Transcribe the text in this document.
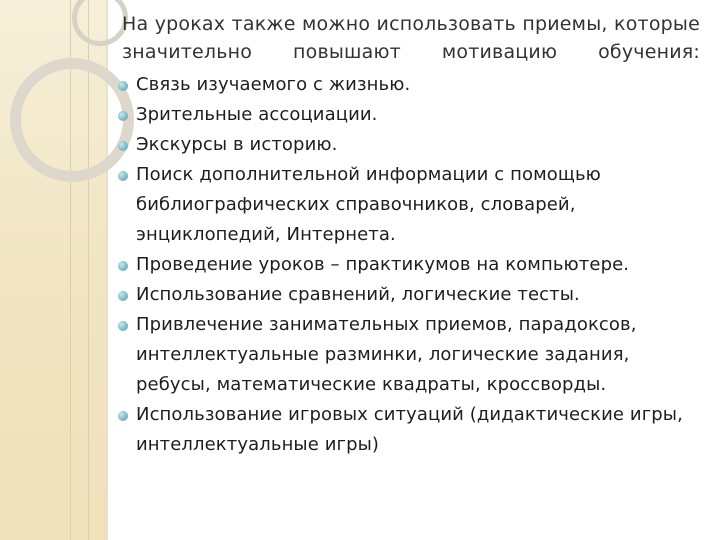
На уроках также можно использовать приемы, которые значительно повышают мотивацию обучения:

Связь изучаемого с жизнью.
Зрительные ассоциации.
Экскурсы в историю.
Поиск дополнительной информации с помощью библиографических справочников, словарей, энциклопедий, Интернета.
Проведение уроков – практикумов на компьютере.
Использование сравнений, логические тесты.
Привлечение занимательных приемов, парадоксов, интеллектуальные разминки, логические задания, ребусы, математические квадраты, кроссворды.
Использование игровых ситуаций (дидактические игры, интеллектуальные игры)
